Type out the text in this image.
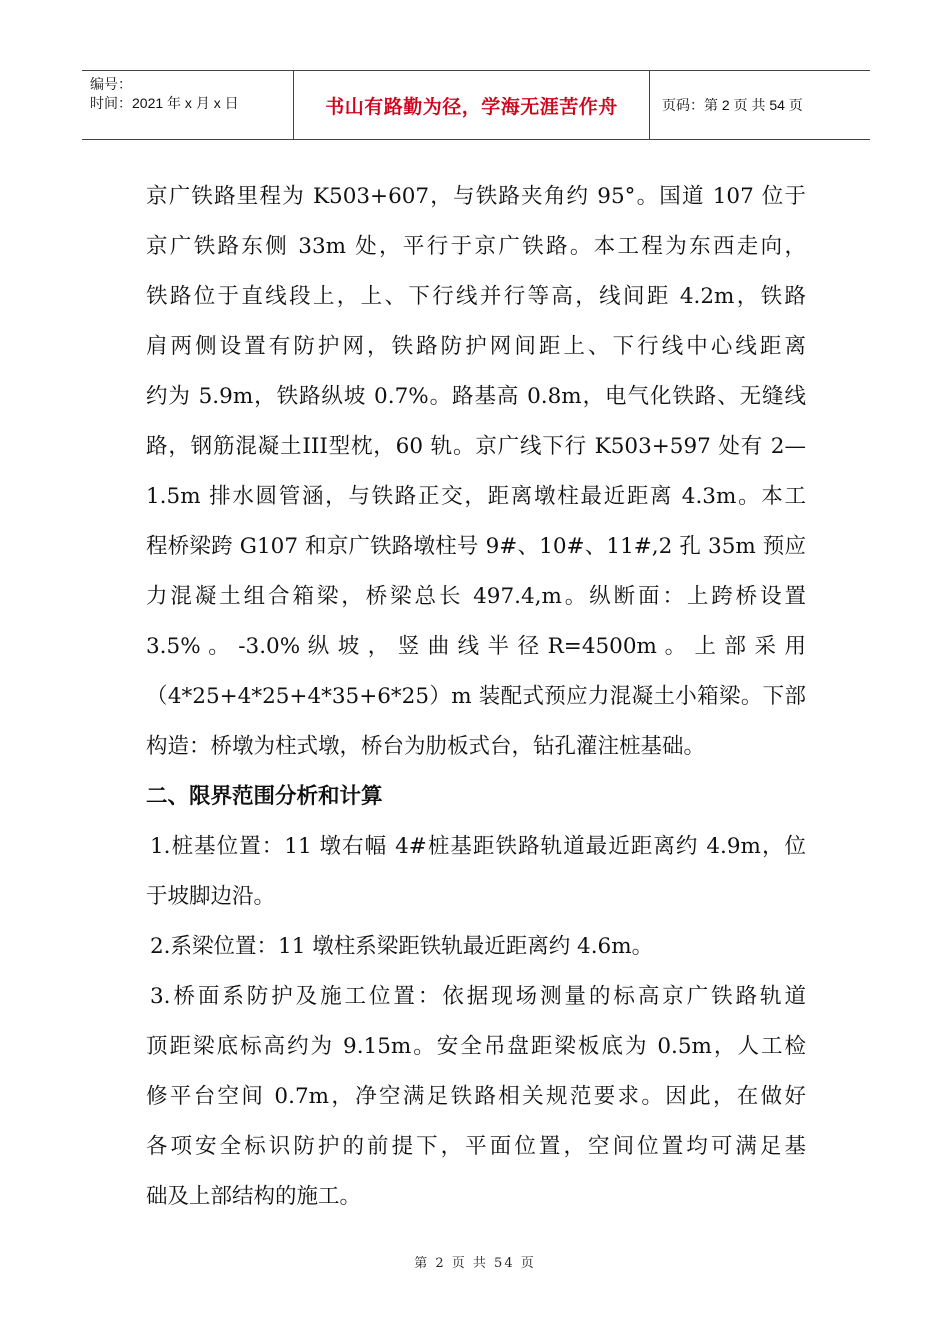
编号：
时间：2021 年 x 月 x 日	书山有路勤为径，学海无涯苦作舟	页码：第 2 页 共 54 页
京广铁路里程为 K503+607，与铁路夹角约 95°。国道 107 位于
京广铁路东侧 33m 处，平行于京广铁路。本工程为东西走向，
铁路位于直线段上，上、下行线并行等高，线间距 4.2m，铁路
肩两侧设置有防护网，铁路防护网间距上、下行线中心线距离
约为 5.9m，铁路纵坡 0.7%。路基高 0.8m，电气化铁路、无缝线
路，钢筋混凝土III型枕，60 轨。京广线下行 K503+597 处有 2—
1.5m 排水圆管涵，与铁路正交，距离墩柱最近距离 4.3m。本工
程桥梁跨 G107 和京广铁路墩柱号 9#、10#、11#,2 孔 35m 预应
力混凝土组合箱梁，桥梁总长 497.4,m。纵断面：上跨桥设置
3.5% 。 -3.0% 纵 坡 ， 竖 曲 线 半 径 R=4500m 。 上 部 采 用
（4*25+4*25+4*35+6*25）m 装配式预应力混凝土小箱梁。下部
构造：桥墩为柱式墩，桥台为肋板式台，钻孔灌注桩基础。
二、限界范围分析和计算
1.桩基位置：11 墩右幅 4#桩基距铁路轨道最近距离约 4.9m，位
于坡脚边沿。
2.系梁位置：11 墩柱系梁距铁轨最近距离约 4.6m。
3.桥面系防护及施工位置：依据现场测量的标高京广铁路轨道
顶距梁底标高约为 9.15m。安全吊盘距梁板底为 0.5m，人工检
修平台空间 0.7m，净空满足铁路相关规范要求。因此，在做好
各项安全标识防护的前提下，平面位置，空间位置均可满足基
础及上部结构的施工。
第 2 页 共 54 页
